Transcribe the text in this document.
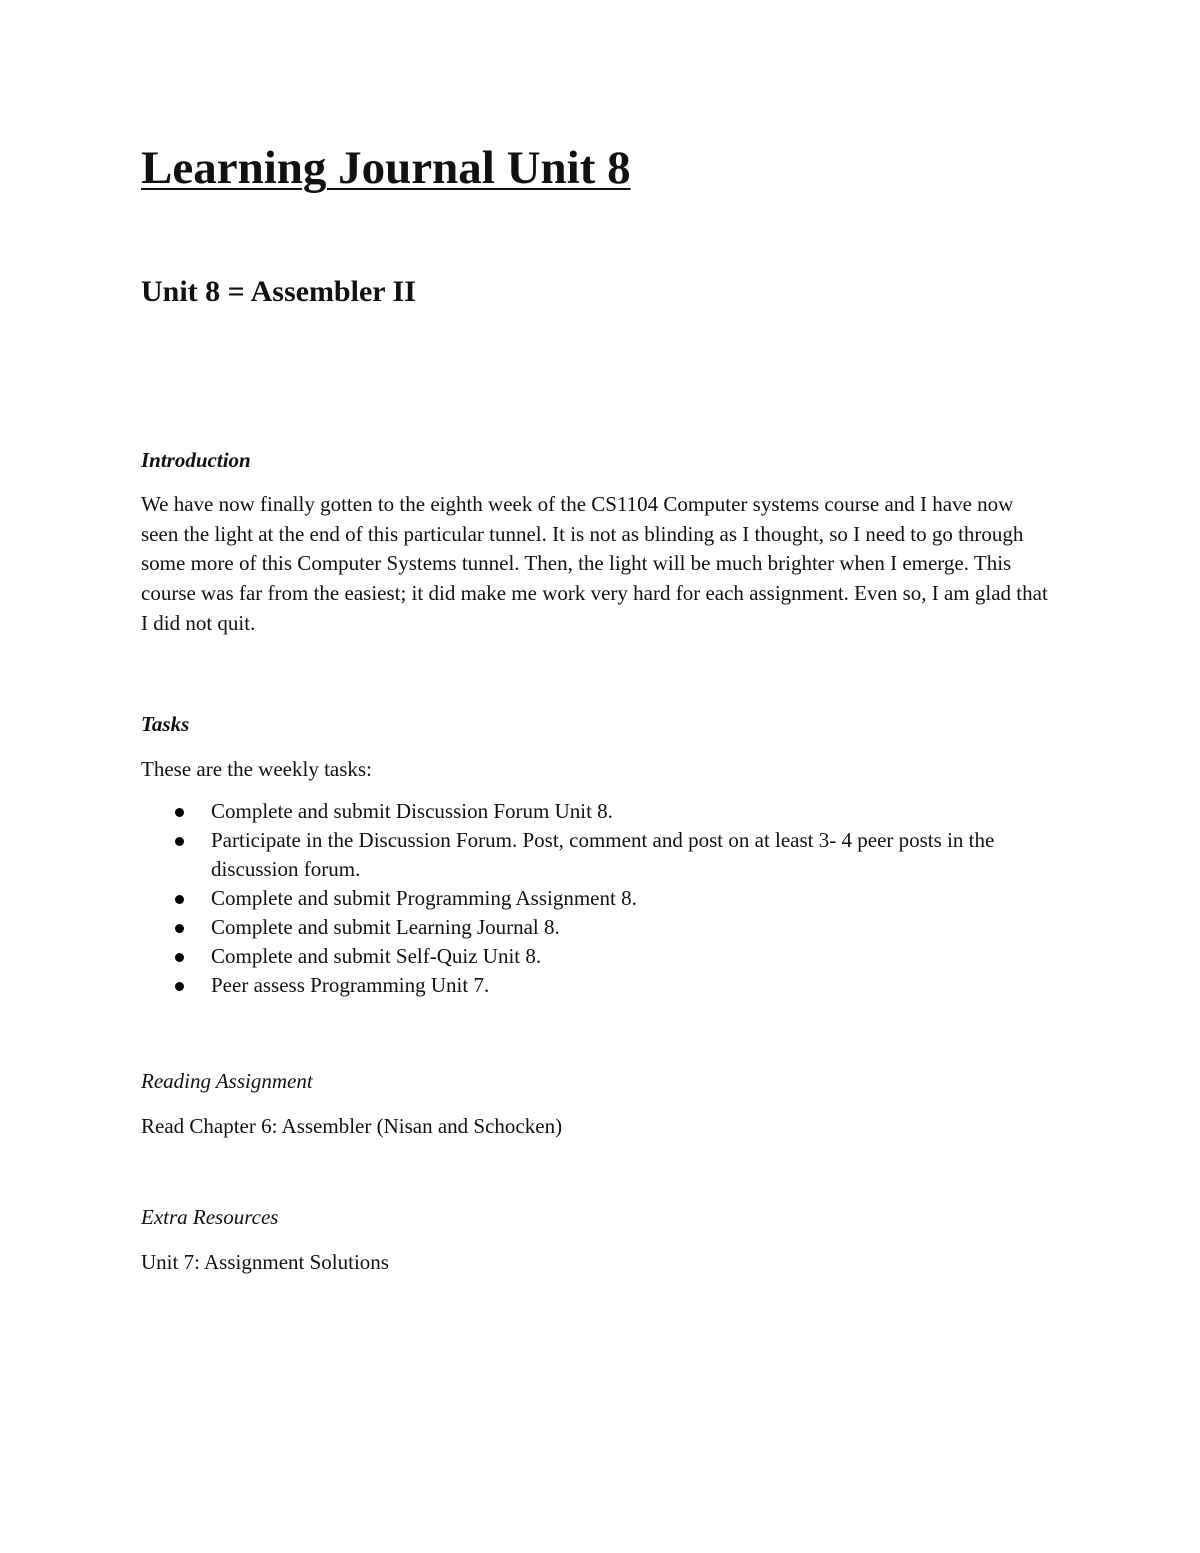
Learning Journal Unit 8
Unit 8 = Assembler II
Introduction

We have now finally gotten to the eighth week of the CS1104 Computer systems course and I have now seen the light at the end of this particular tunnel. It is not as blinding as I thought, so I need to go through some more of this Computer Systems tunnel. Then, the light will be much brighter when I emerge. This course was far from the easiest; it did make me work very hard for each assignment. Even so, I am glad that I did not quit.

Tasks

These are the weekly tasks:

Complete and submit Discussion Forum Unit 8.
Participate in the Discussion Forum. Post, comment and post on at least 3- 4 peer posts in the discussion forum.
Complete and submit Programming Assignment 8.
Complete and submit Learning Journal 8.
Complete and submit Self-Quiz Unit 8.
Peer assess Programming Unit 7.
Reading Assignment

Read Chapter 6: Assembler (Nisan and Schocken)

Extra Resources

Unit 7: Assignment Solutions
